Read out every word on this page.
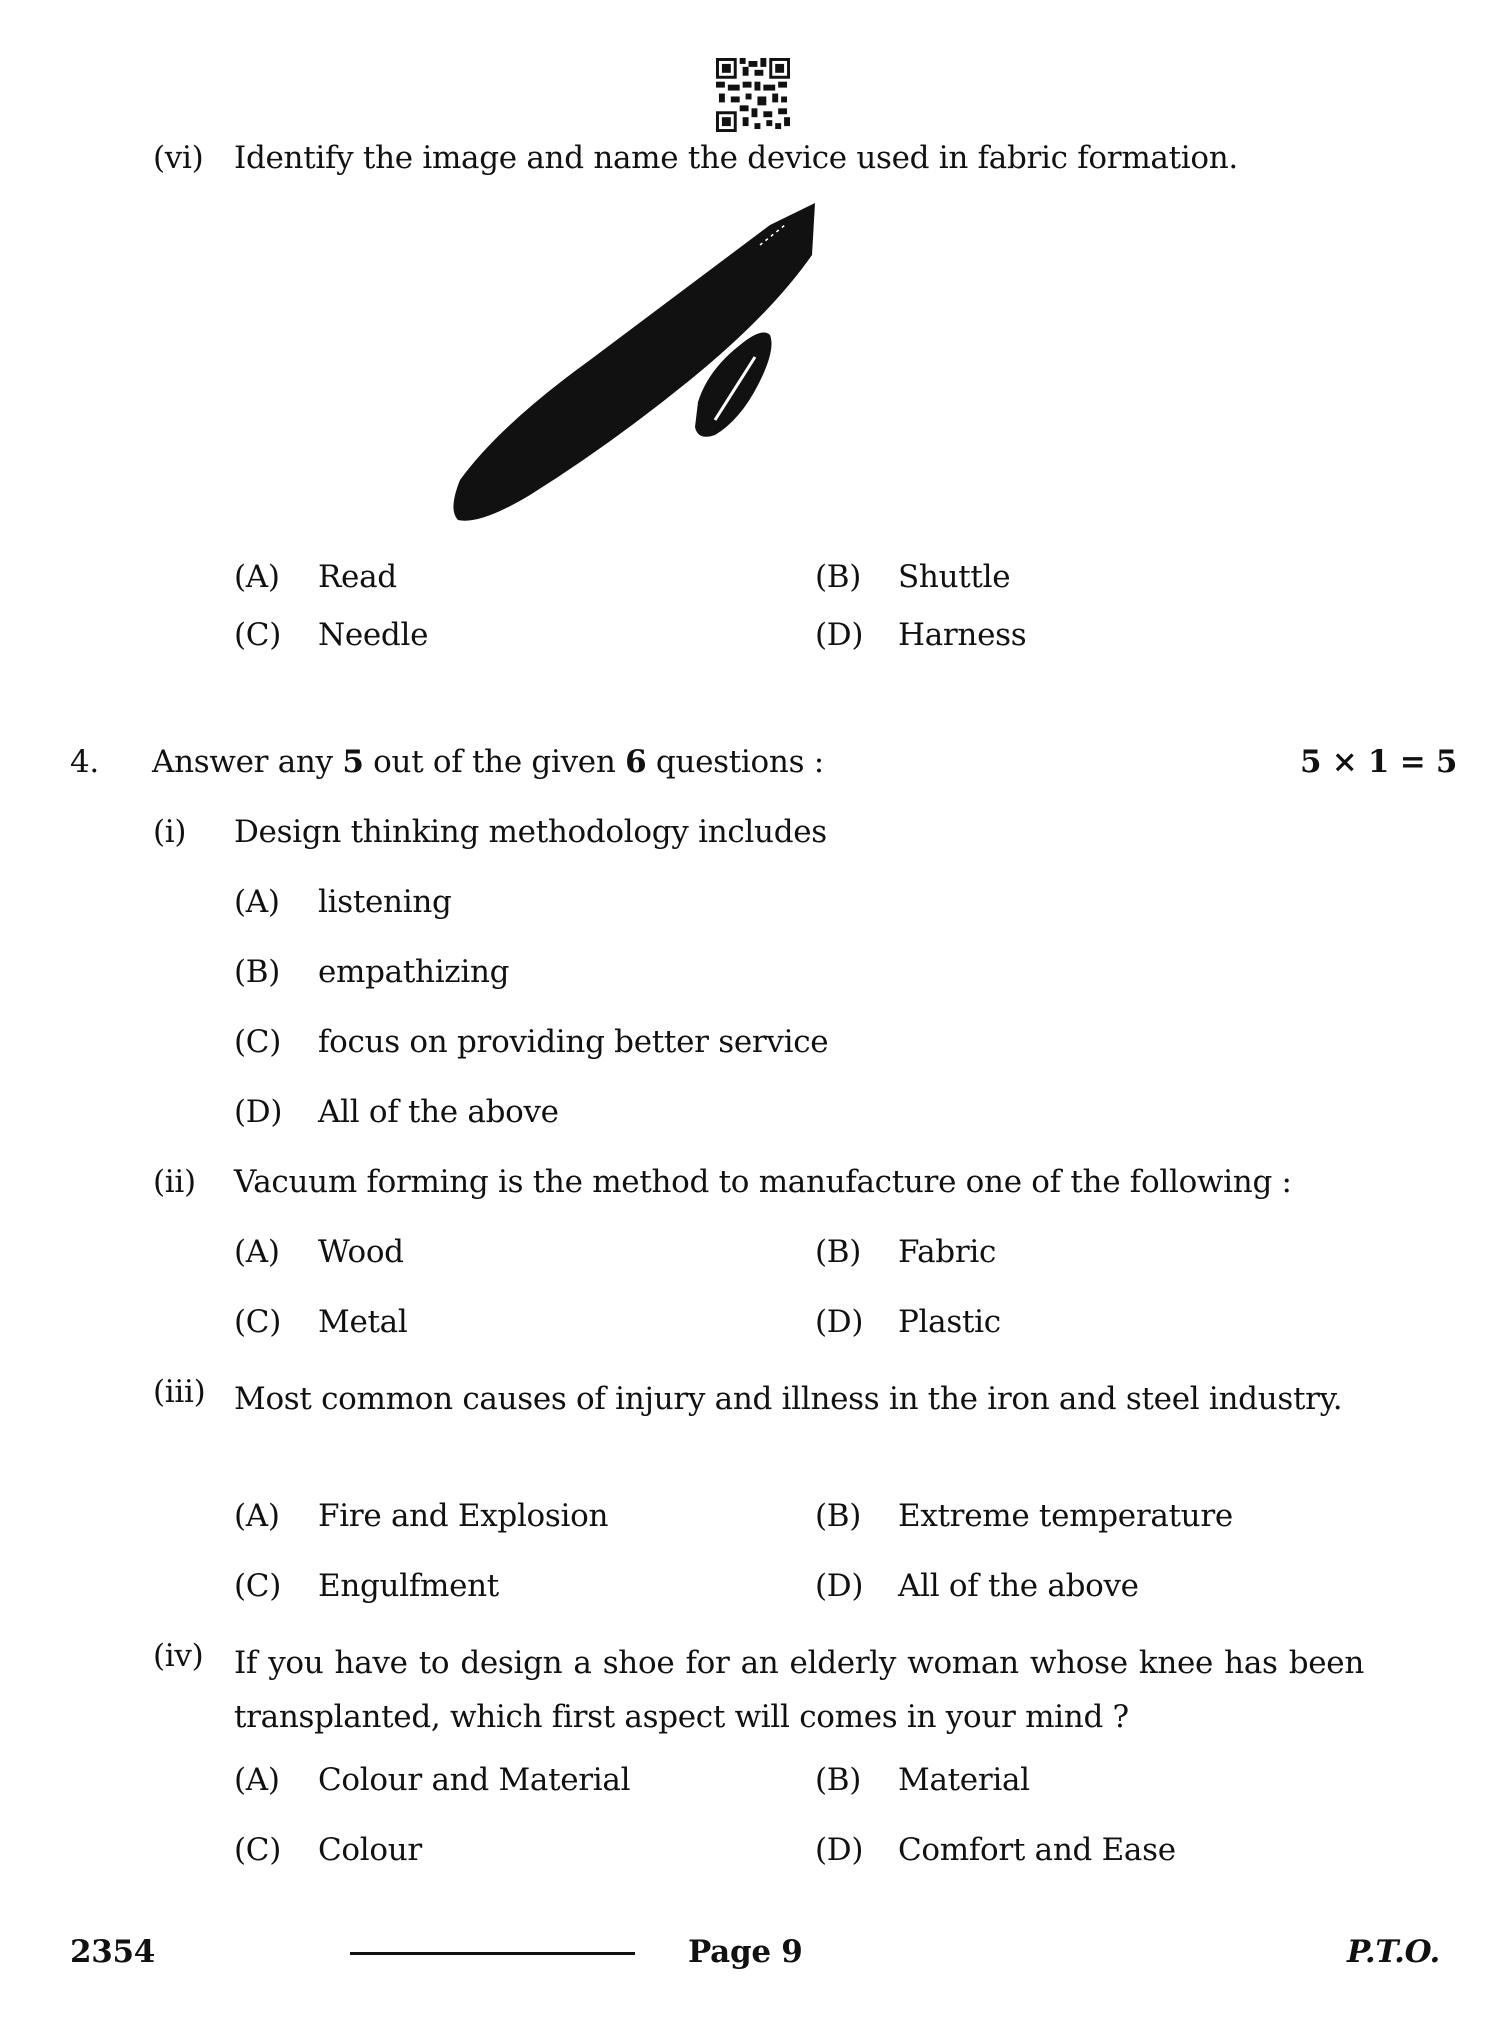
(vi) Identify the image and name the device used in fabric formation.
(A) Read	(B) Shuttle
(C) Needle	(D) Harness
4. Answer any 5 out of the given 6 questions :	5 × 1 = 5
(i) Design thinking methodology includes
(A) listening
(B) empathizing
(C) focus on providing better service
(D) All of the above
(ii) Vacuum forming is the method to manufacture one of the following :
(A) Wood	(B) Fabric
(C) Metal	(D) Plastic
(iii) Most common causes of injury and illness in the iron and steel industry.
(A) Fire and Explosion	(B) Extreme temperature
(C) Engulfment	(D) All of the above
(iv) If you have to design a shoe for an elderly woman whose knee has been transplanted, which first aspect will comes in your mind ?
(A) Colour and Material	(B) Material
(C) Colour	(D) Comfort and Ease
2354	Page 9	P.T.O.
